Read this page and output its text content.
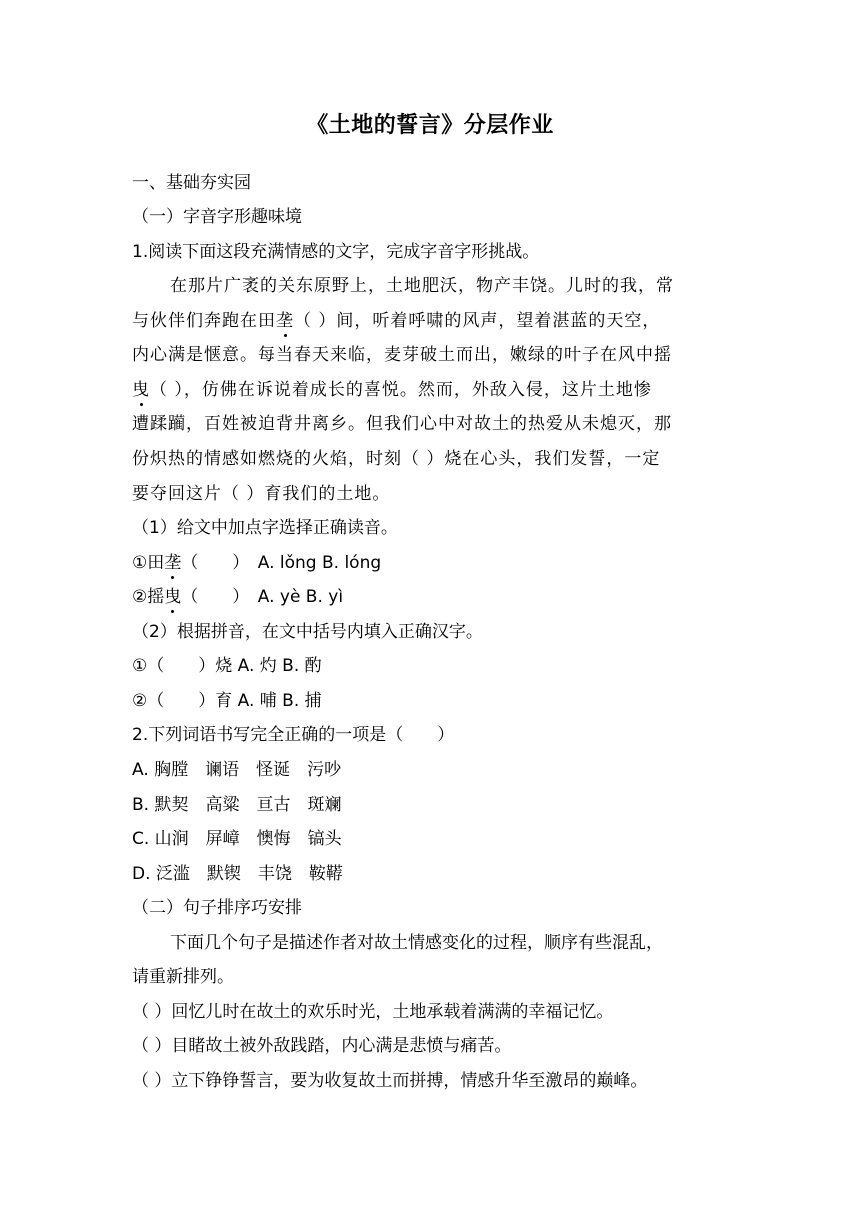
《土地的誓言》分层作业
一、基础夯实园
（一）字音字形趣味境
1.阅读下面这段充满情感的文字，完成字音字形挑战。
在那片广袤的关东原野上，土地肥沃，物产丰饶。儿时的我，常
与伙伴们奔跑在田垄（ ）间，听着呼啸的风声，望着湛蓝的天空，
内心满是惬意。每当春天来临，麦芽破土而出，嫩绿的叶子在风中摇
曳（ ），仿佛在诉说着成长的喜悦。然而，外敌入侵，这片土地惨
遭蹂躏，百姓被迫背井离乡。但我们心中对故土的热爱从未熄灭，那
份炽热的情感如燃烧的火焰，时刻（ ）烧在心头，我们发誓，一定
要夺回这片（ ）育我们的土地。
（1）给文中加点字选择正确读音。
①田垄（　　）　A. lǒng B. lóng
②摇曳（　　）　A. yè B. yì
（2）根据拼音，在文中括号内填入正确汉字。
①（　　）烧 A. 灼 B. 酌
②（　　）育 A. 哺 B. 捕
2.下列词语书写完全正确的一项是（　　）
A. 胸膛　谰语　怪诞　污吵
B. 默契　高粱　亘古　斑斓
C. 山涧　屏嶂　懊悔　镐头
D. 泛滥　默锲　丰饶　鞍鞯
（二）句子排序巧安排
下面几个句子是描述作者对故土情感变化的过程，顺序有些混乱，
请重新排列。
（ ）回忆儿时在故土的欢乐时光，土地承载着满满的幸福记忆。
（ ）目睹故土被外敌践踏，内心满是悲愤与痛苦。
（ ）立下铮铮誓言，要为收复故土而拼搏，情感升华至激昂的巅峰。
